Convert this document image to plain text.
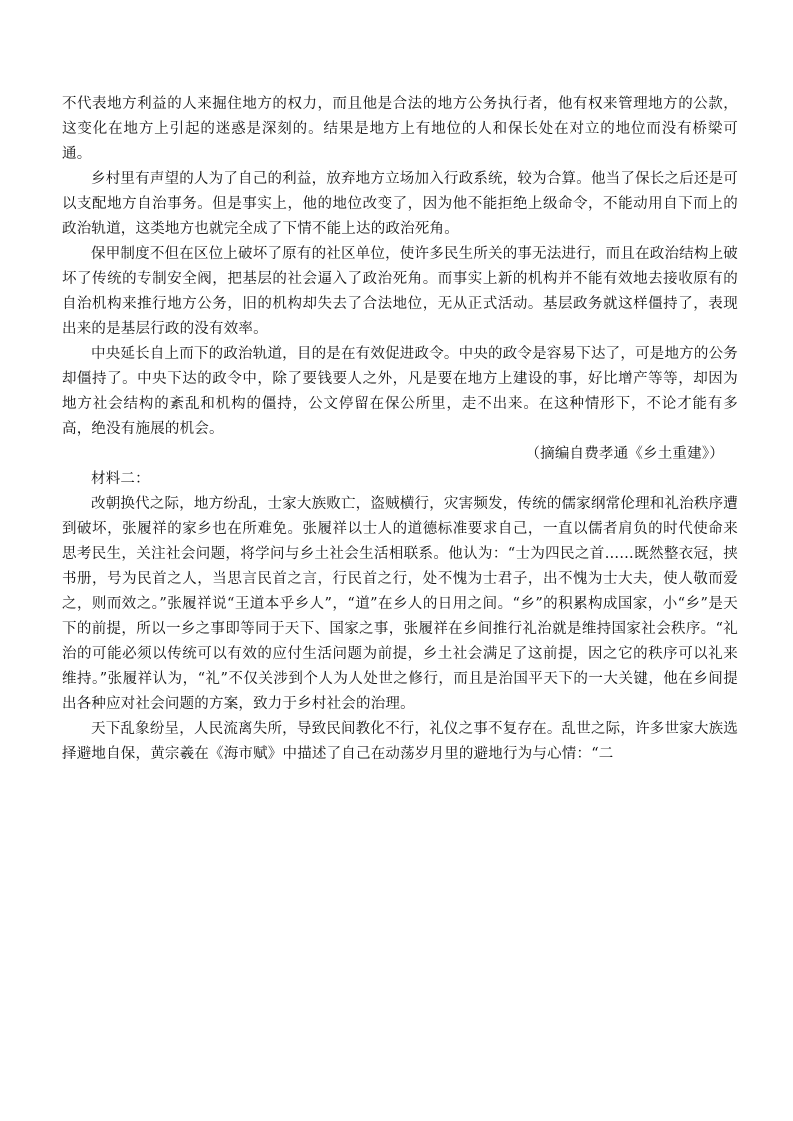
不代表地方利益的人来掘住地方的权力，而且他是合法的地方公务执行者，他有权来管理地方的公款，这变化在地方上引起的迷惑是深刻的。结果是地方上有地位的人和保长处在对立的地位而没有桥梁可通。

乡村里有声望的人为了自己的利益，放弃地方立场加入行政系统，较为合算。他当了保长之后还是可以支配地方自治事务。但是事实上，他的地位改变了，因为他不能拒绝上级命令，不能动用自下而上的政治轨道，这类地方也就完全成了下情不能上达的政治死角。

保甲制度不但在区位上破坏了原有的社区单位，使许多民生所关的事无法进行，而且在政治结构上破坏了传统的专制安全阀，把基层的社会逼入了政治死角。而事实上新的机构并不能有效地去接收原有的自治机构来推行地方公务，旧的机构却失去了合法地位，无从正式活动。基层政务就这样僵持了，表现出来的是基层行政的没有效率。

中央延长自上而下的政治轨道，目的是在有效促进政令。中央的政令是容易下达了，可是地方的公务却僵持了。中央下达的政令中，除了要钱要人之外，凡是要在地方上建设的事，好比增产等等，却因为地方社会结构的紊乱和机构的僵持，公文停留在保公所里，走不出来。在这种情形下，不论才能有多高，绝没有施展的机会。

（摘编自费孝通《乡土重建》）

材料二：

改朝换代之际，地方纷乱，士家大族败亡，盗贼横行，灾害频发，传统的儒家纲常伦理和礼治秩序遭到破坏，张履祥的家乡也在所难免。张履祥以士人的道德标准要求自己，一直以儒者肩负的时代使命来思考民生，关注社会问题，将学问与乡土社会生活相联系。他认为：“士为四民之首……既然整衣冠，挟书册，号为民首之人，当思言民首之言，行民首之行，处不愧为士君子，出不愧为士大夫，使人敬而爱之，则而效之。”张履祥说“王道本乎乡人”，“道”在乡人的日用之间。“乡”的积累构成国家，小“乡”是天下的前提，所以一乡之事即等同于天下、国家之事，张履祥在乡间推行礼治就是维持国家社会秩序。“礼治的可能必须以传统可以有效的应付生活问题为前提，乡土社会满足了这前提，因之它的秩序可以礼来维持。”张履祥认为，“礼”不仅关涉到个人为人处世之修行，而且是治国平天下的一大关键，他在乡间提出各种应对社会问题的方案，致力于乡村社会的治理。

天下乱象纷呈，人民流离失所，导致民间教化不行，礼仪之事不复存在。乱世之际，许多世家大族选择避地自保，黄宗羲在《海市赋》中描述了自己在动荡岁月里的避地行为与心情：“二
